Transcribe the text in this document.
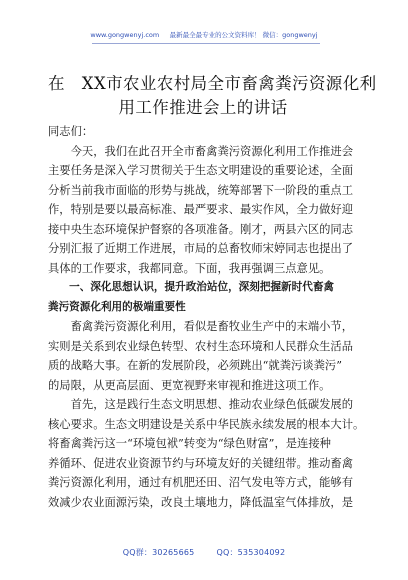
www.gongwenyj.com 最新最全最专业的公文资料库！ 微信：gongwenyj
在　XX市农业农村局全市畜禽粪污资源化利
用工作推进会上的讲话
同志们：
　　今天，我们在此召开全市畜禽粪污资源化利用工作推进会
主要任务是深入学习贯彻关于生态文明建设的重要论述，全面
分析当前我市面临的形势与挑战，统筹部署下一阶段的重点工
作，特别是要以最高标准、最严要求、最实作风，全力做好迎
接中央生态环境保护督察的各项准备。刚才，两县六区的同志
分别汇报了近期工作进展，市局的总畜牧师宋婷同志也提出了
具体的工作要求，我都同意。下面，我再强调三点意见。
　　一、深化思想认识，提升政治站位，深刻把握新时代畜禽
粪污资源化利用的极端重要性
　　畜禽粪污资源化利用，看似是畜牧业生产中的末端小节，
实则是关系到农业绿色转型、农村生态环境和人民群众生活品
质的战略大事。在新的发展阶段，必须跳出“就粪污谈粪污”
的局限，从更高层面、更宽视野来审视和推进这项工作。
　　首先，这是践行生态文明思想、推动农业绿色低碳发展的
核心要求。生态文明建设是关系中华民族永续发展的根本大计。
将畜禽粪污这一“环境包袱”转变为“绿色财富”，是连接种
养循环、促进农业资源节约与环境友好的关键纽带。推动畜禽
粪污资源化利用，通过有机肥还田、沼气发电等方式，能够有
效减少农业面源污染，改良土壤地力，降低温室气体排放，是
QQ群：30265665	QQ：535304092
